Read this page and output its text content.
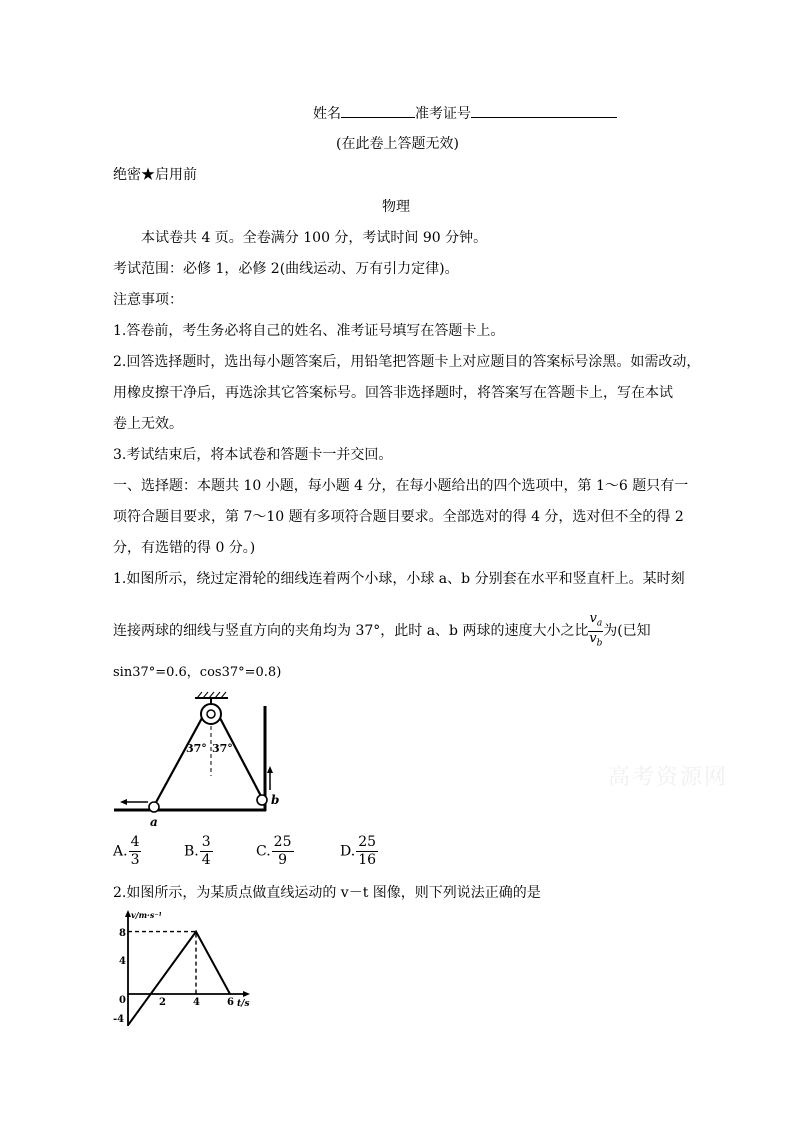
姓名	准考证号
(在此卷上答题无效)
绝密★启用前
物理
本试卷共 4 页。全卷满分 100 分，考试时间 90 分钟。
考试范围：必修 1，必修 2(曲线运动、万有引力定律)。
注意事项：
1.答卷前，考生务必将自己的姓名、准考证号填写在答题卡上。
2.回答选择题时，选出每小题答案后，用铅笔把答题卡上对应题目的答案标号涂黑。如需改动，
用橡皮擦干净后，再选涂其它答案标号。回答非选择题时，将答案写在答题卡上，写在本试
卷上无效。
3.考试结束后，将本试卷和答题卡一并交回。
一、选择题：本题共 10 小题，每小题 4 分，在每小题给出的四个选项中，第 1～6 题只有一
项符合题目要求，第 7～10 题有多项符合题目要求。全部选对的得 4 分，选对但不全的得 2
分，有选错的得 0 分。)
1.如图所示，绕过定滑轮的细线连着两个小球，小球 a、b 分别套在水平和竖直杆上。某时刻
连接两球的细线与竖直方向的夹角均为 37°，此时 a、b 两球的速度大小之比 $\frac{v_a}{v_b}$ 为(已知
sin37°=0.6，cos37°=0.8)
37° 37°
a
b
高考资源网
A. $\frac{4}{3}$	B. $\frac{3}{4}$	C. $\frac{25}{9}$	D. $\frac{25}{16}$
2.如图所示，为某质点做直线运动的 v－t 图像，则下列说法正确的是
v/m·s⁻¹
t/s
8
4
0
-4
2	4	6
